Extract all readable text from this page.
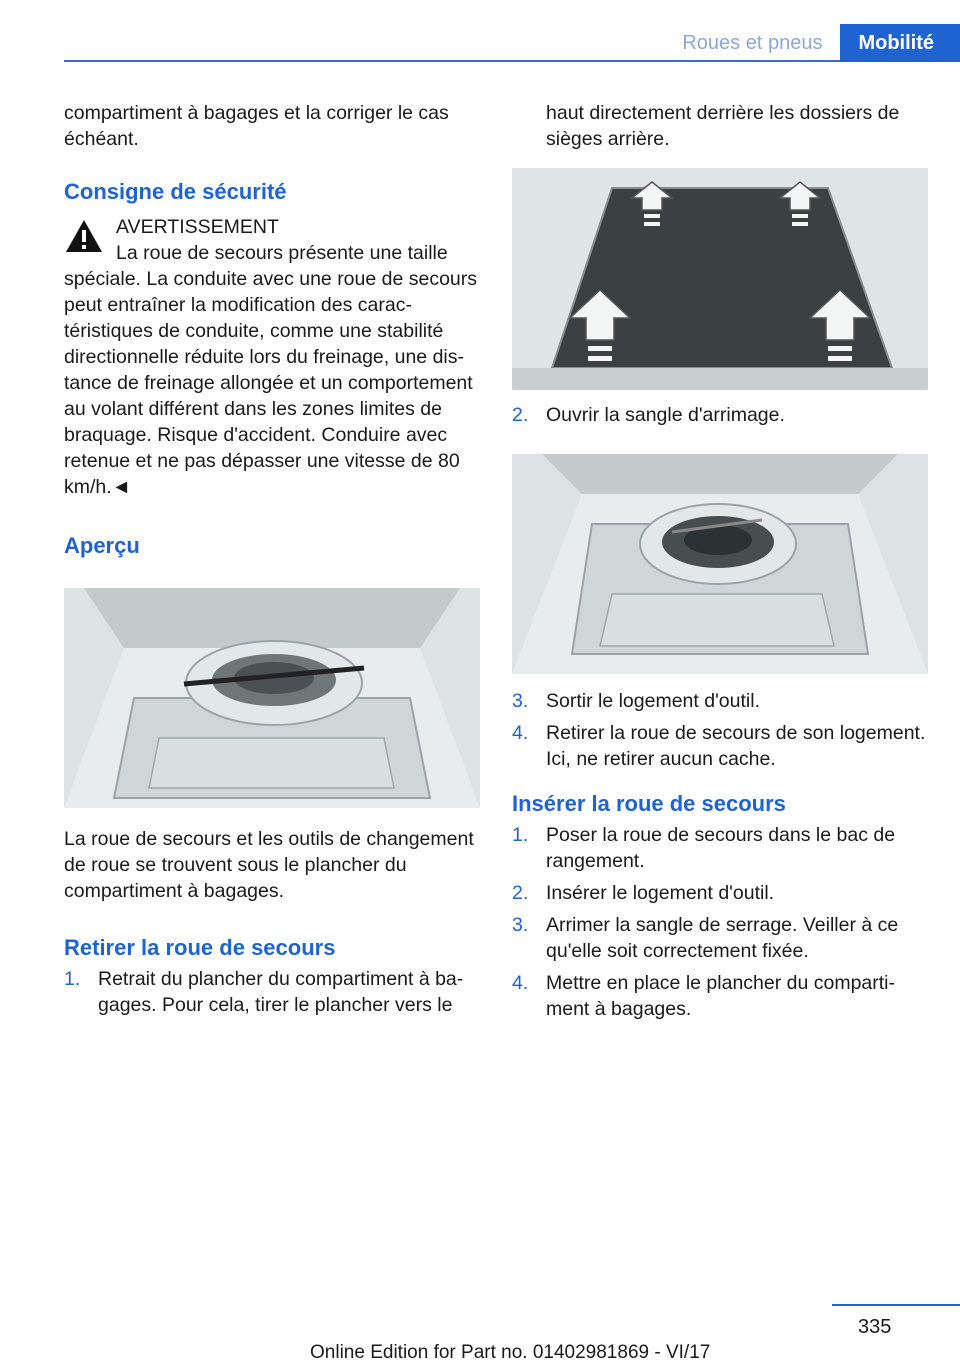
Roues et pneus	Mobilité

compartiment à bagages et la corriger le cas échéant.

Consigne de sécurité
AVERTISSEMENT
La roue de secours présente une taille

spéciale. La conduite avec une roue de secours peut entraîner la modification des caractéristiques de conduite, comme une stabilité directionnelle réduite lors du freinage, une distance de freinage allongée et un comportement au volant différent dans les zones limites de braquage. Risque d'accident. Conduire avec retenue et ne pas dépasser une vitesse de 80 km/h.◄

Aperçu

La roue de secours et les outils de changement de roue se trouvent sous le plancher du compartiment à bagages.

Retirer la roue de secours
1. Retrait du plancher du compartiment à bagages. Pour cela, tirer le plancher vers le

haut directement derrière les dossiers de sièges arrière.

2. Ouvrir la sangle d'arrimage.
3. Sortir le logement d'outil.
4. Retirer la roue de secours de son logement. Ici, ne retirer aucun cache.
Insérer la roue de secours
1. Poser la roue de secours dans le bac de rangement.
2. Insérer le logement d'outil.
3. Arrimer la sangle de serrage. Veiller à ce qu'elle soit correctement fixée.
4. Mettre en place le plancher du compartiment à bagages.
335
Online Edition for Part no. 01402981869 - VI/17
